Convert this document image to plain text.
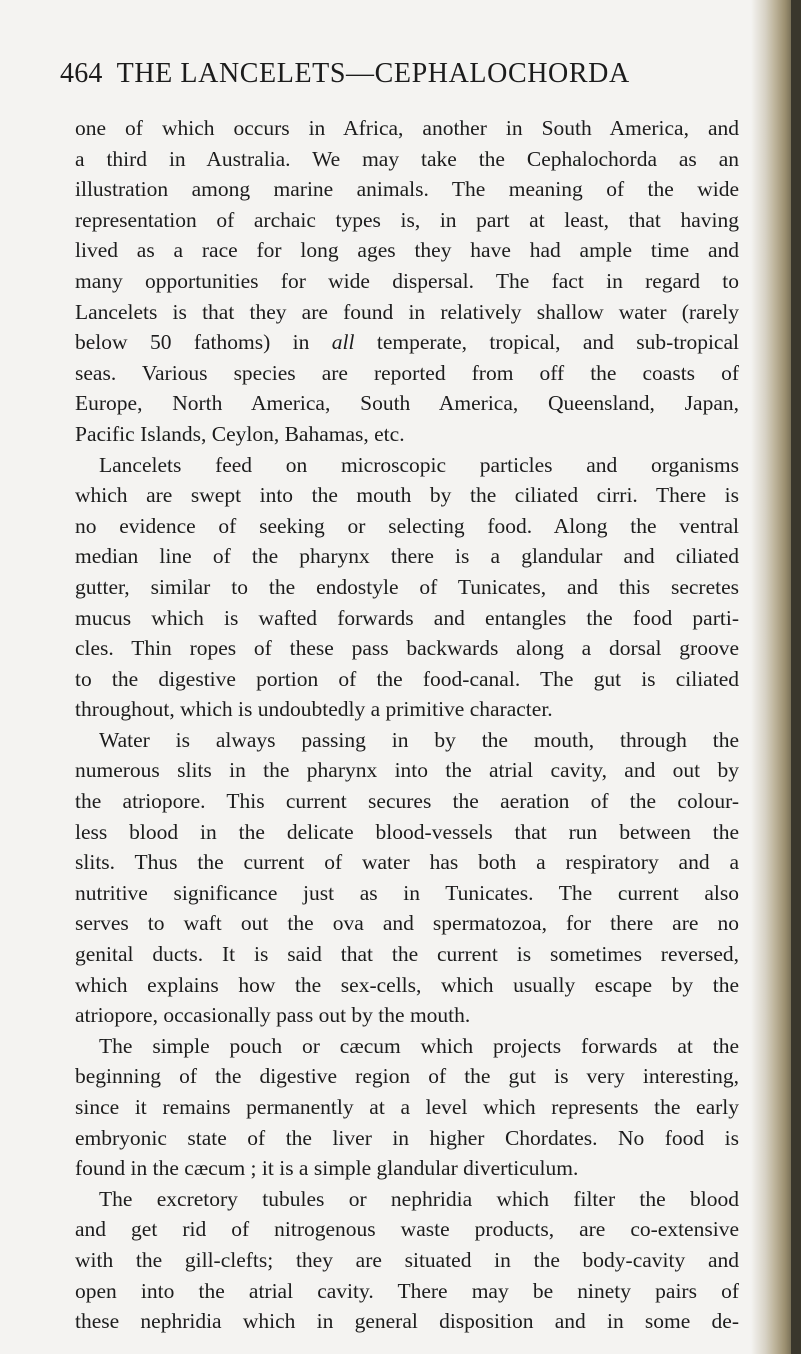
464 THE LANCELETS—CEPHALOCHORDA
one of which occurs in Africa, another in South America, and
a third in Australia. We may take the Cephalochorda as an
illustration among marine animals. The meaning of the wide
representation of archaic types is, in part at least, that having
lived as a race for long ages they have had ample time and
many opportunities for wide dispersal. The fact in regard to
Lancelets is that they are found in relatively shallow water (rarely
below 50 fathoms) in all temperate, tropical, and sub-tropical
seas. Various species are reported from off the coasts of
Europe, North America, South America, Queensland, Japan,
Pacific Islands, Ceylon, Bahamas, etc.
Lancelets feed on microscopic particles and organisms
which are swept into the mouth by the ciliated cirri. There is
no evidence of seeking or selecting food. Along the ventral
median line of the pharynx there is a glandular and ciliated
gutter, similar to the endostyle of Tunicates, and this secretes
mucus which is wafted forwards and entangles the food parti-
cles. Thin ropes of these pass backwards along a dorsal groove
to the digestive portion of the food-canal. The gut is ciliated
throughout, which is undoubtedly a primitive character.
Water is always passing in by the mouth, through the
numerous slits in the pharynx into the atrial cavity, and out by
the atriopore. This current secures the aeration of the colour-
less blood in the delicate blood-vessels that run between the
slits. Thus the current of water has both a respiratory and a
nutritive significance just as in Tunicates. The current also
serves to waft out the ova and spermatozoa, for there are no
genital ducts. It is said that the current is sometimes reversed,
which explains how the sex-cells, which usually escape by the
atriopore, occasionally pass out by the mouth.
The simple pouch or cæcum which projects forwards at the
beginning of the digestive region of the gut is very interesting,
since it remains permanently at a level which represents the early
embryonic state of the liver in higher Chordates. No food is
found in the cæcum ; it is a simple glandular diverticulum.
The excretory tubules or nephridia which filter the blood
and get rid of nitrogenous waste products, are co-extensive
with the gill-clefts; they are situated in the body-cavity and
open into the atrial cavity. There may be ninety pairs of
these nephridia which in general disposition and in some de-
